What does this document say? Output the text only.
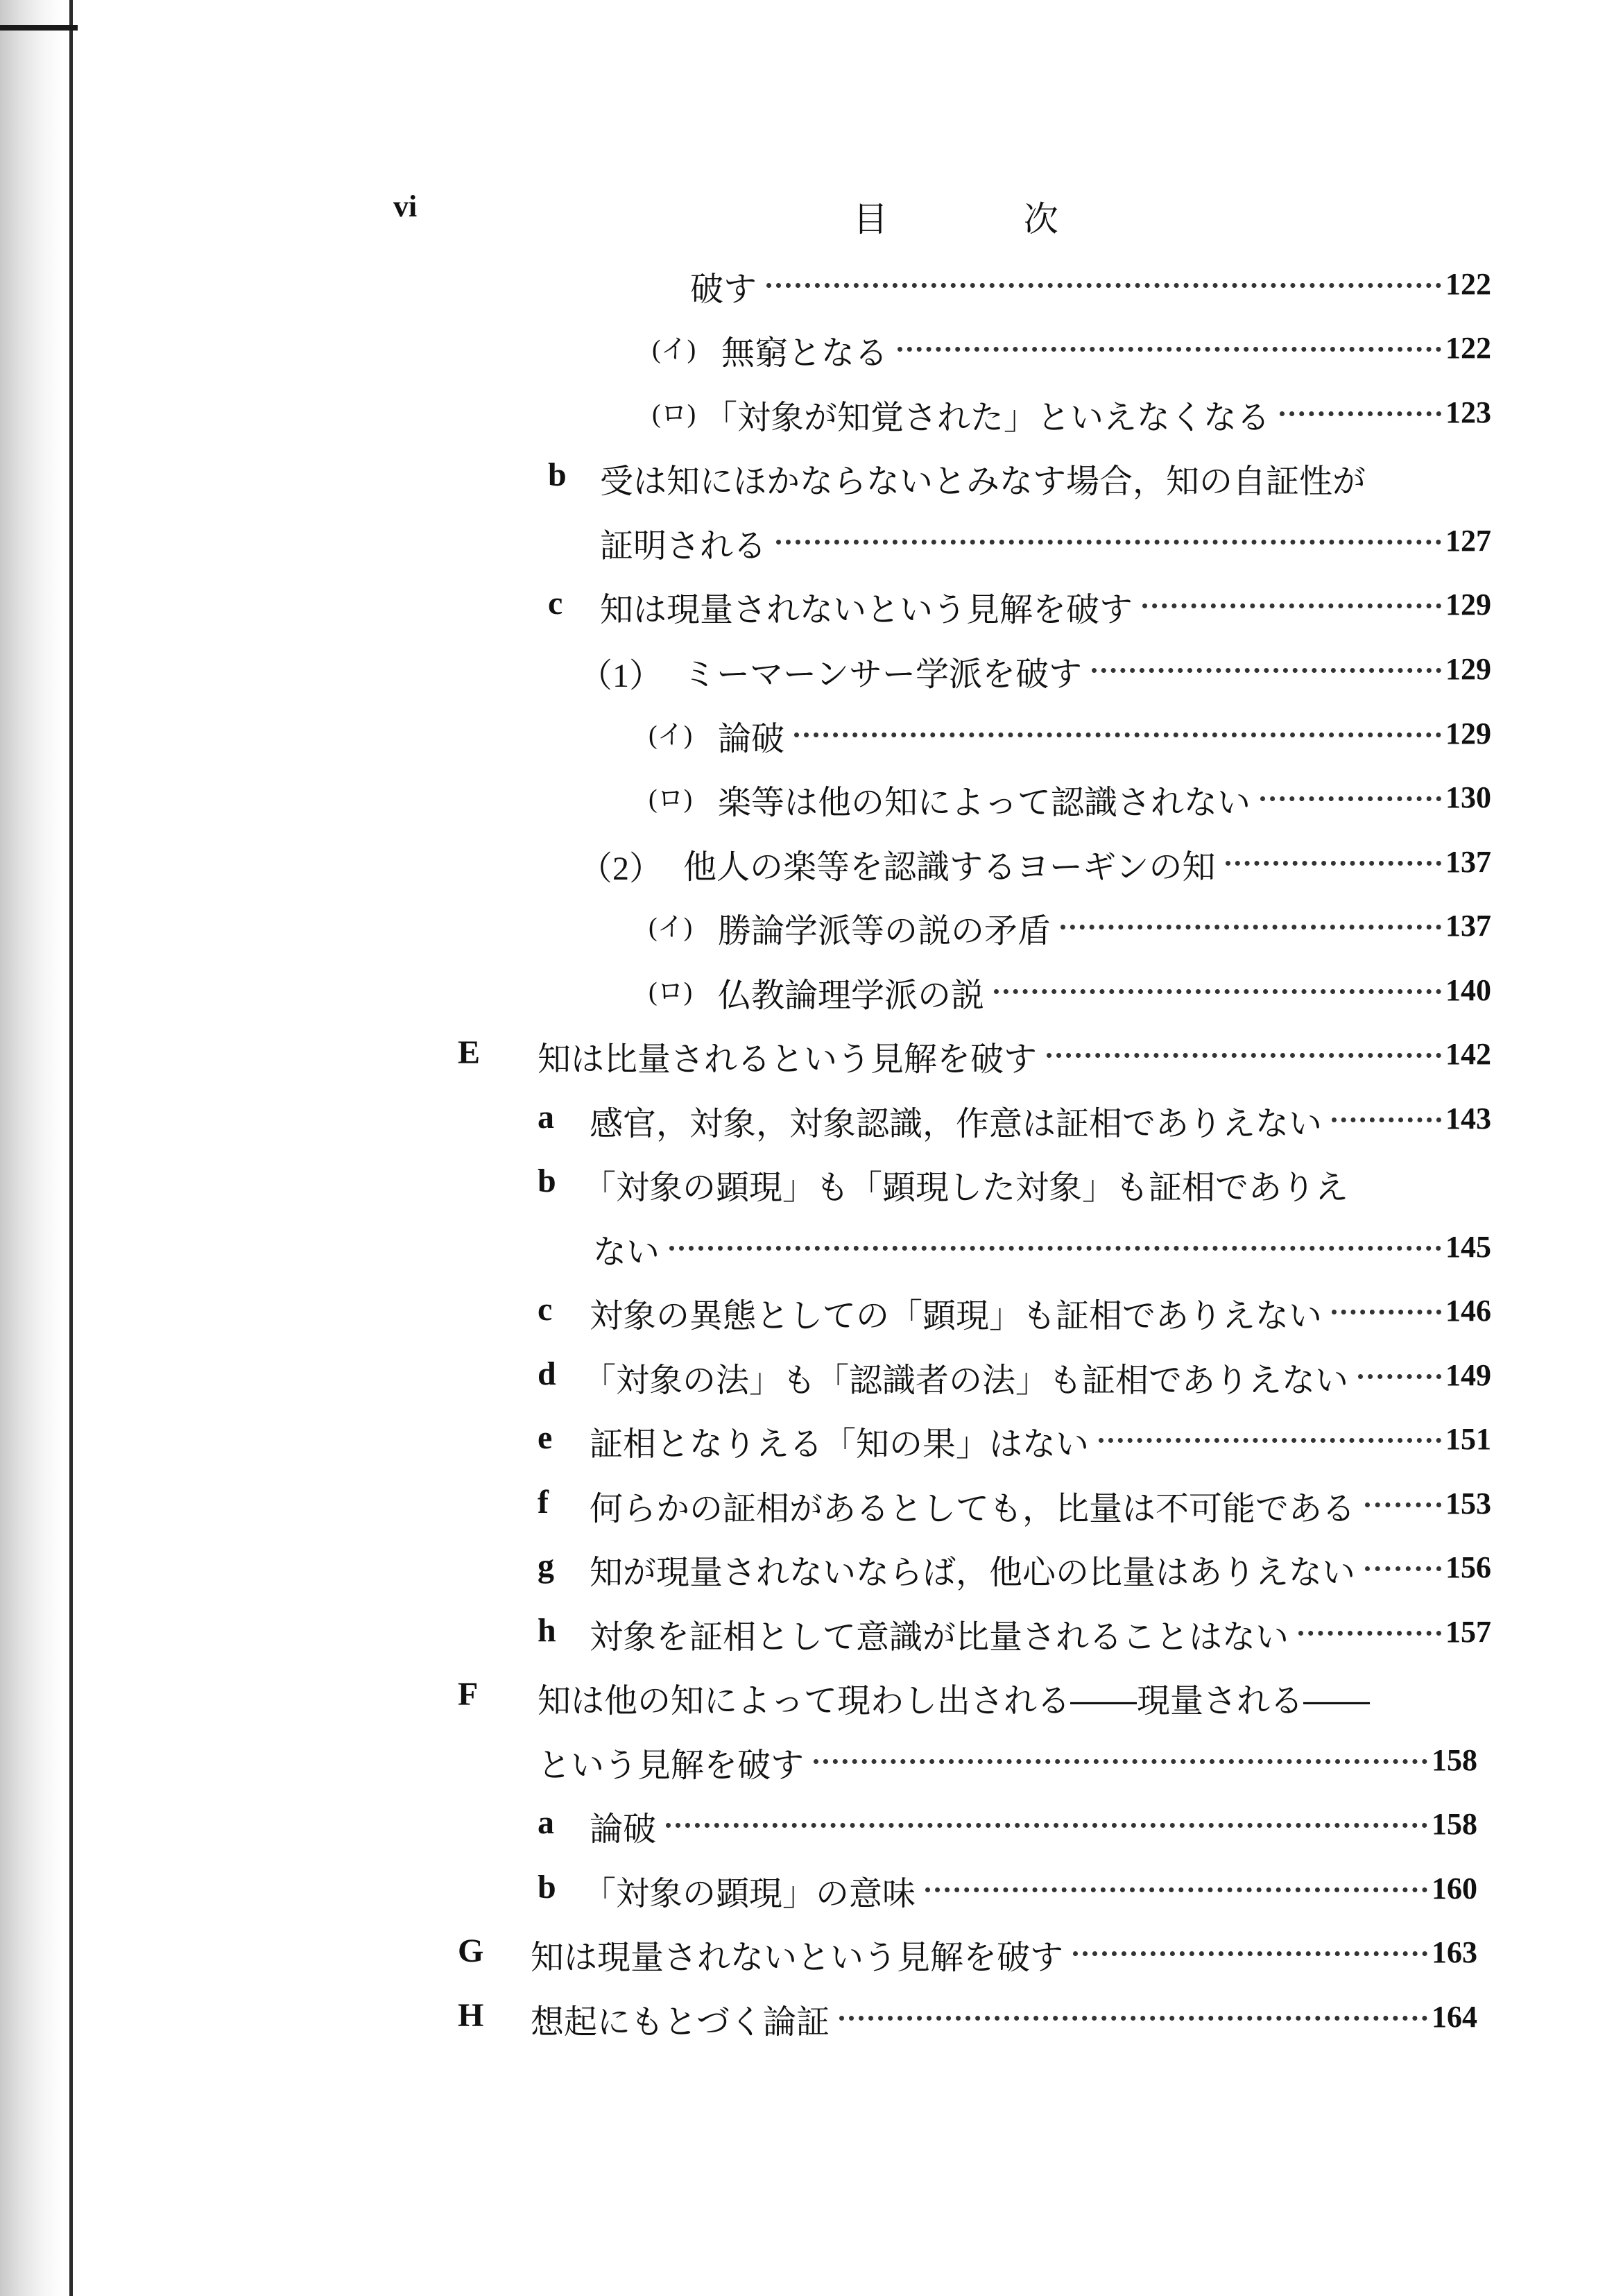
vi	目 次
破す	122
(イ) 無窮となる	122
(ロ) 「対象が知覚された」といえなくなる	123
b 受は知にほかならないとみなす場合，知の自証性が
証明される	127
c 知は現量されないという見解を破す	129
（1） ミーマーンサー学派を破す	129
(イ) 論破	129
(ロ) 楽等は他の知によって認識されない	130
（2） 他人の楽等を認識するヨーギンの知	137
(イ) 勝論学派等の説の矛盾	137
(ロ) 仏教論理学派の説	140
E 知は比量されるという見解を破す	142
a 感官，対象，対象認識，作意は証相でありえない	143
b 「対象の顕現」も「顕現した対象」も証相でありえ
ない	145
c 対象の異態としての「顕現」も証相でありえない	146
d 「対象の法」も「認識者の法」も証相でありえない	149
e 証相となりえる「知の果」はない	151
f 何らかの証相があるとしても，比量は不可能である	153
g 知が現量されないならば，他心の比量はありえない	156
h 対象を証相として意識が比量されることはない	157
F 知は他の知によって現わし出される――現量される――
という見解を破す	158
a 論破	158
b 「対象の顕現」の意味	160
G 知は現量されないという見解を破す	163
H 想起にもとづく論証	164
